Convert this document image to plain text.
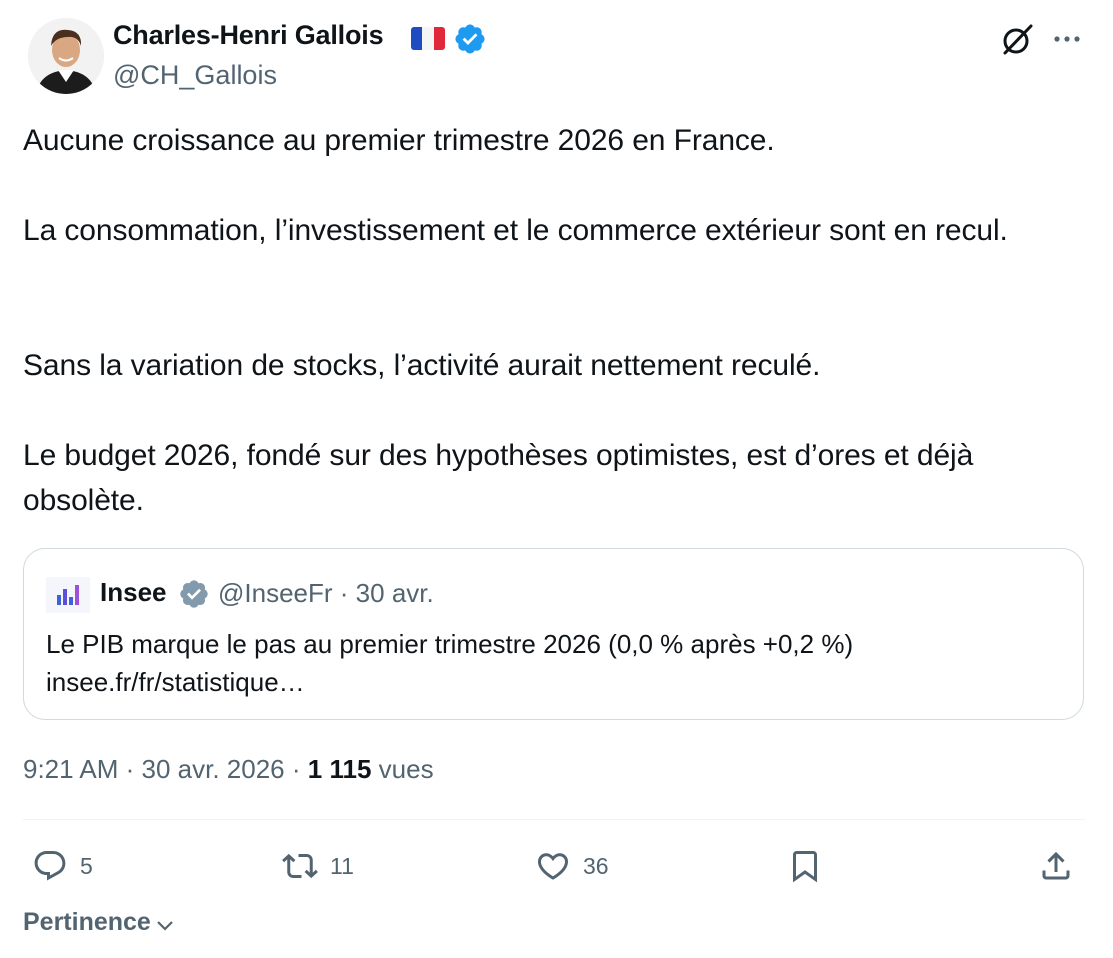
Charles-Henri Gallois
@CH_Gallois
Aucune croissance au premier trimestre 2026 en France.
La consommation, l’investissement et le commerce extérieur sont en recul.
Sans la variation de stocks, l’activité aurait nettement reculé.
Le budget 2026, fondé sur des hypothèses optimistes, est d’ores et déjà obsolète.
Insee @InseeFr · 30 avr.
Le PIB marque le pas au premier trimestre 2026 (0,0 % après +0,2 %) insee.fr/fr/statistique…
9:21 AM · 30 avr. 2026 · 1 115 vues
5	11	36
Pertinence
